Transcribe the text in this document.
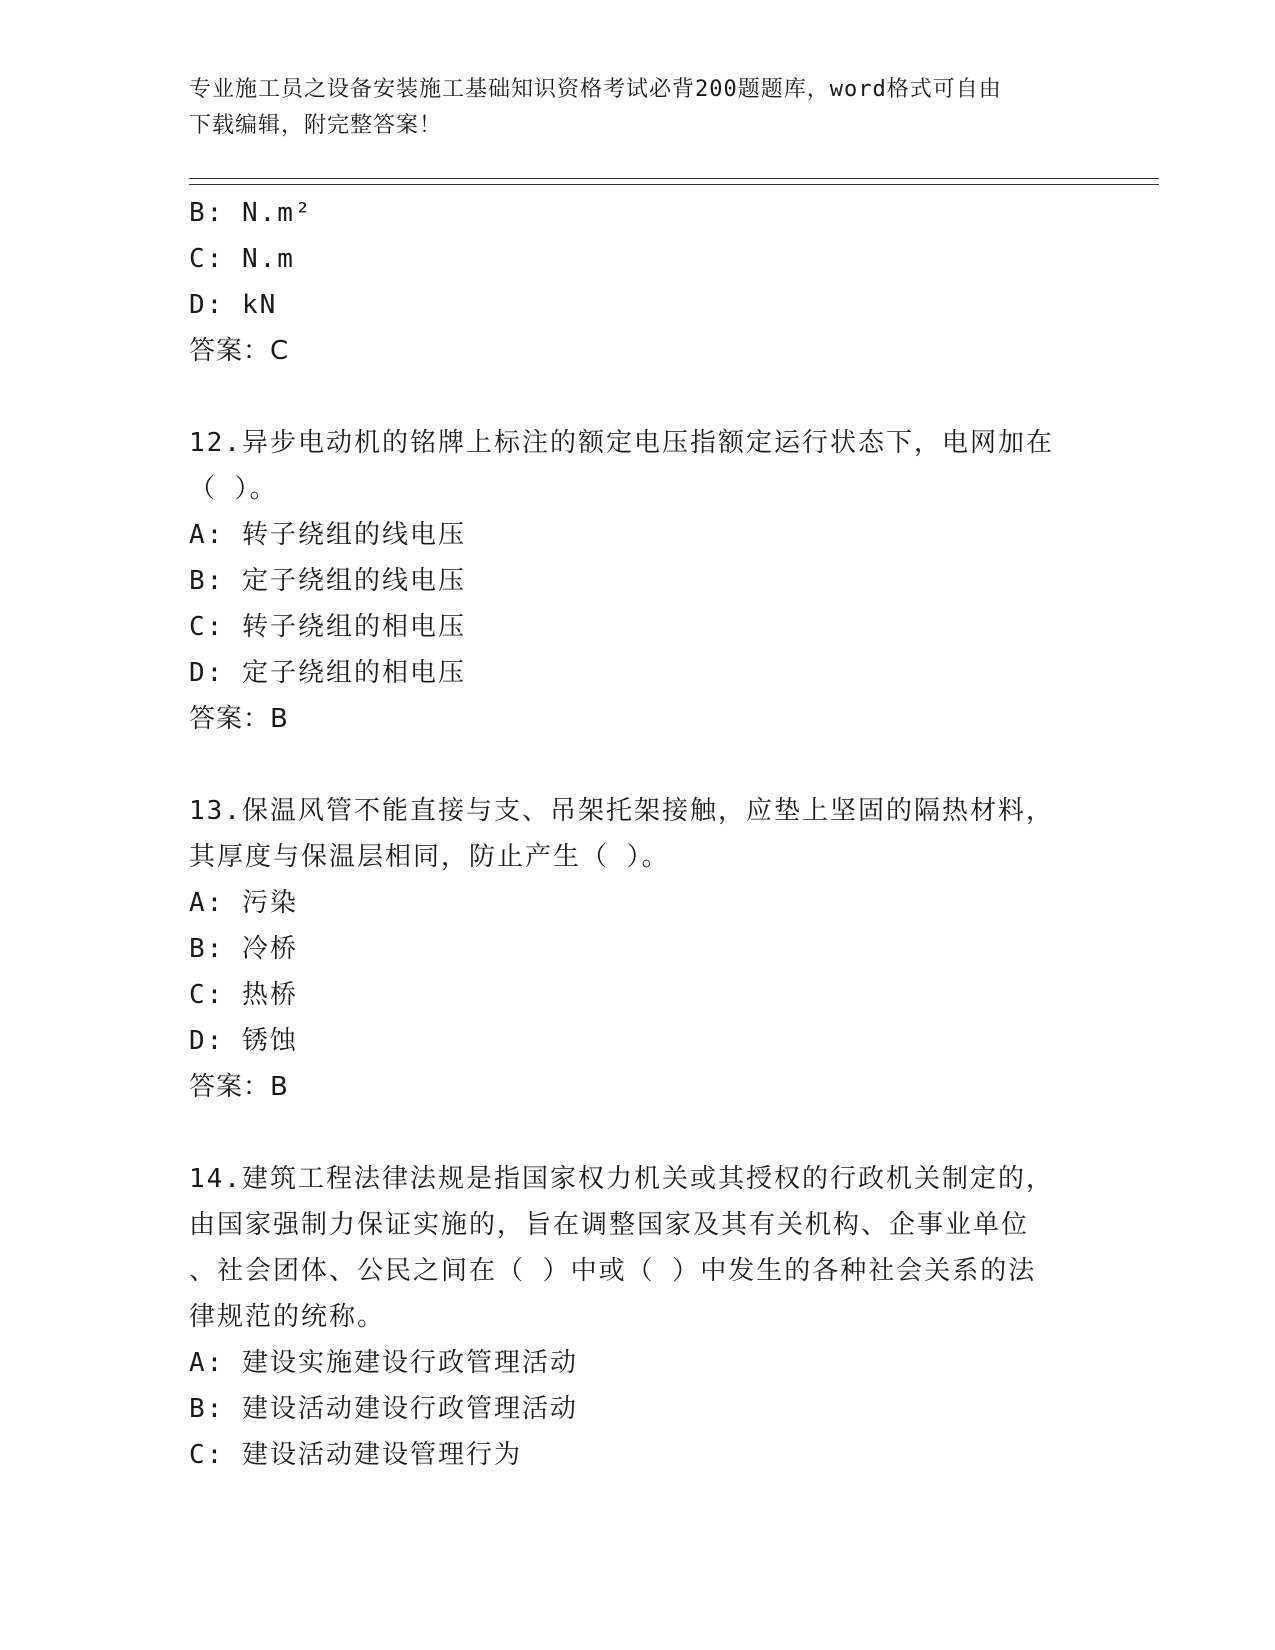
专业施工员之设备安装施工基础知识资格考试必背200题题库，word格式可自由
下载编辑，附完整答案！
B: N.m²
C: N.m
D: kN
答案：C
12.异步电动机的铭牌上标注的额定电压指额定运行状态下，电网加在
（ ）。
A: 转子绕组的线电压
B: 定子绕组的线电压
C: 转子绕组的相电压
D: 定子绕组的相电压
答案：B
13.保温风管不能直接与支、吊架托架接触，应垫上坚固的隔热材料，
其厚度与保温层相同，防止产生（ ）。
A: 污染
B: 冷桥
C: 热桥
D: 锈蚀
答案：B
14.建筑工程法律法规是指国家权力机关或其授权的行政机关制定的，
由国家强制力保证实施的，旨在调整国家及其有关机构、企事业单位
、社会团体、公民之间在（ ）中或（ ）中发生的各种社会关系的法
律规范的统称。
A: 建设实施建设行政管理活动
B: 建设活动建设行政管理活动
C: 建设活动建设管理行为
